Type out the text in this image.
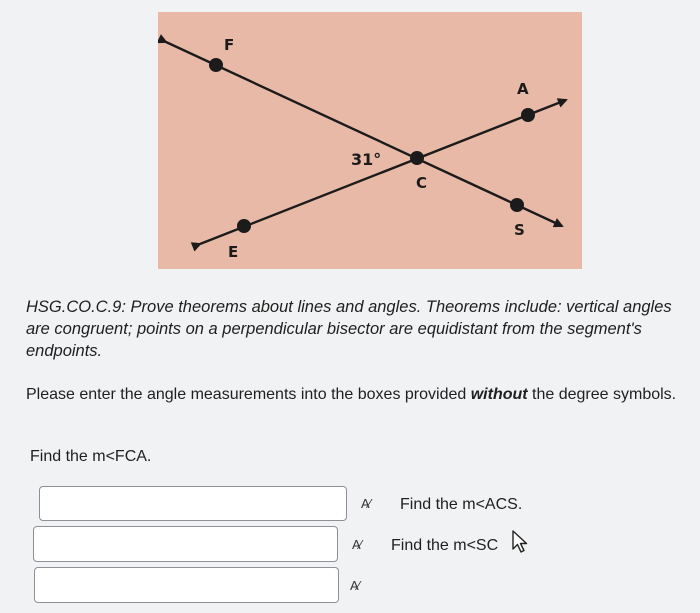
F
A
C
S
E
31°
HSG.CO.C.9: Prove theorems about lines and angles. Theorems include: vertical angles are congruent; points on a perpendicular bisector are equidistant from the segment's endpoints.
Please enter the angle measurements into the boxes provided without the degree symbols.
Find the m<FCA.
A⁄ Find the m<ACS.
A⁄ Find the m<SC
A⁄
